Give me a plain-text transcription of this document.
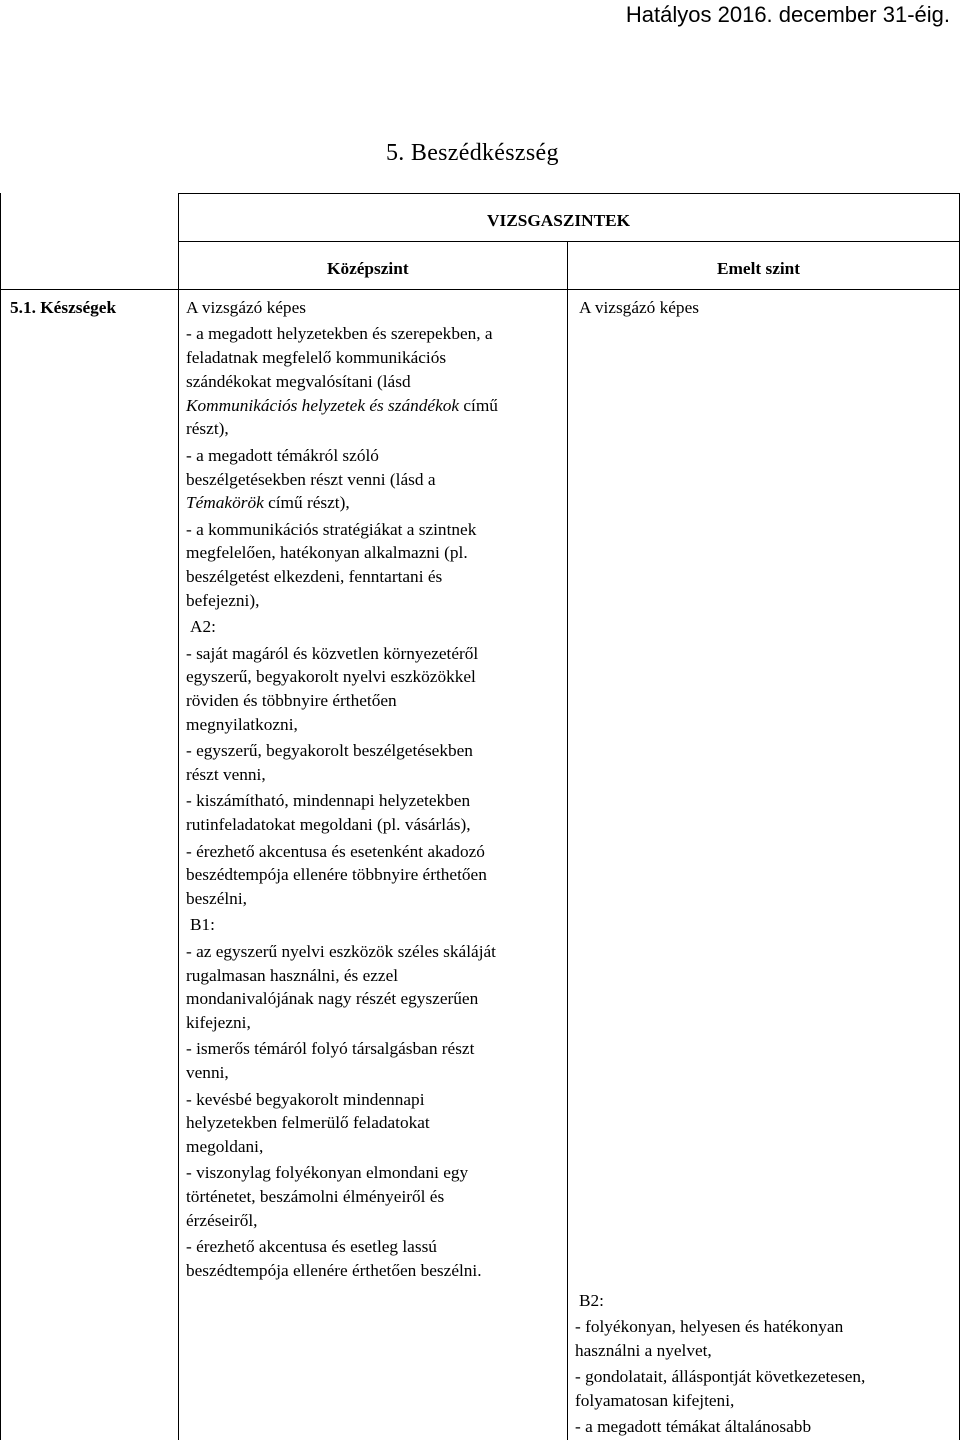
Hatályos 2016. december 31-éig.
5. Beszédkészség
VIZSGASZINTEK
Középszint	Emelt szint
5.1. Készségek	A vizsgázó képes
- a megadott helyzetekben és szerepekben, a
feladatnak megfelelő kommunikációs
szándékokat megvalósítani (lásd
Kommunikációs helyzetek és szándékok című
részt),
- a megadott témákról szóló
beszélgetésekben részt venni (lásd a
Témakörök című részt),
- a kommunikációs stratégiákat a szintnek
megfelelően, hatékonyan alkalmazni (pl.
beszélgetést elkezdeni, fenntartani és
befejezni),
A2:
- saját magáról és közvetlen környezetéről
egyszerű, begyakorolt nyelvi eszközökkel
röviden és többnyire érthetően
megnyilatkozni,
- egyszerű, begyakorolt beszélgetésekben
részt venni,
- kiszámítható, mindennapi helyzetekben
rutinfeladatokat megoldani (pl. vásárlás),
- érezhető akcentusa és esetenként akadozó
beszédtempója ellenére többnyire érthetően
beszélni,
B1:
- az egyszerű nyelvi eszközök széles skáláját
rugalmasan használni, és ezzel
mondanivalójának nagy részét egyszerűen
kifejezni,
- ismerős témáról folyó társalgásban részt
venni,
- kevésbé begyakorolt mindennapi
helyzetekben felmerülő feladatokat
megoldani,
- viszonylag folyékonyan elmondani egy
történetet, beszámolni élményeiről és
érzéseiről,
- érezhető akcentusa és esetleg lassú
beszédtempója ellenére érthetően beszélni.
A vizsgázó képes
B2:
- folyékonyan, helyesen és hatékonyan
használni a nyelvet,
- gondolatait, álláspontját következetesen,
folyamatosan kifejteni,
- a megadott témákat általánosabb
